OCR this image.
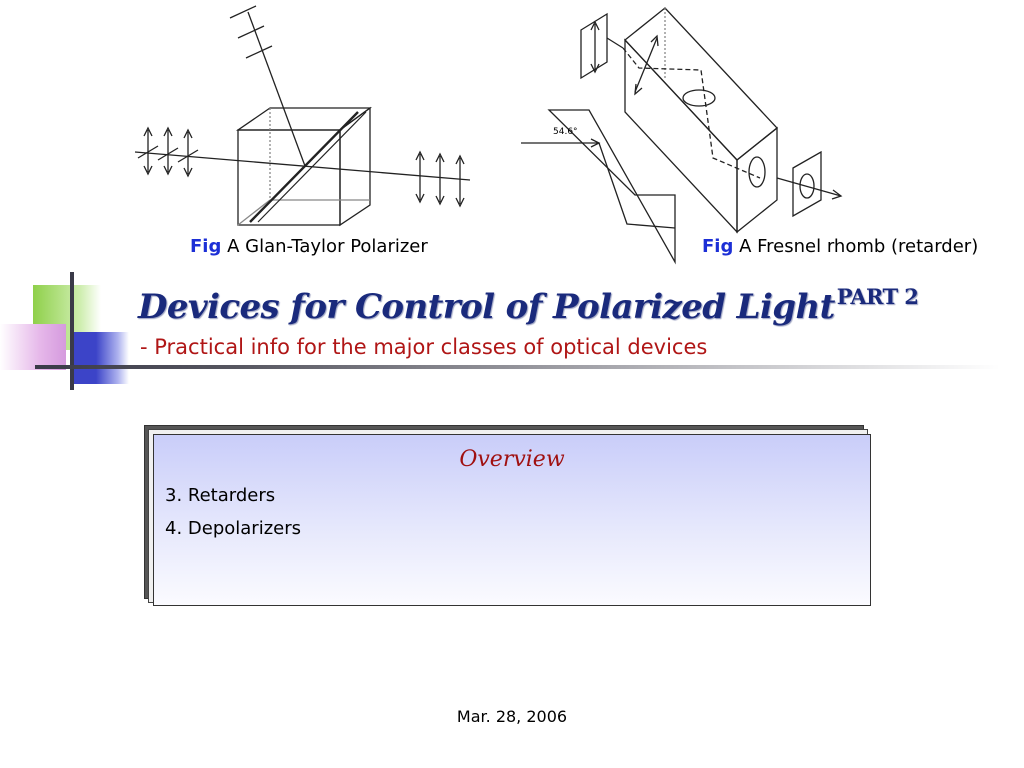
54.6°
Fig A Glan-Taylor Polarizer	Fig A Fresnel rhomb (retarder)
Devices for Control of Polarized Light$^{PART 2}$

- Practical info for the major classes of optical devices

Overview
3. Retarders
4. Depolarizers
Mar. 28, 2006
